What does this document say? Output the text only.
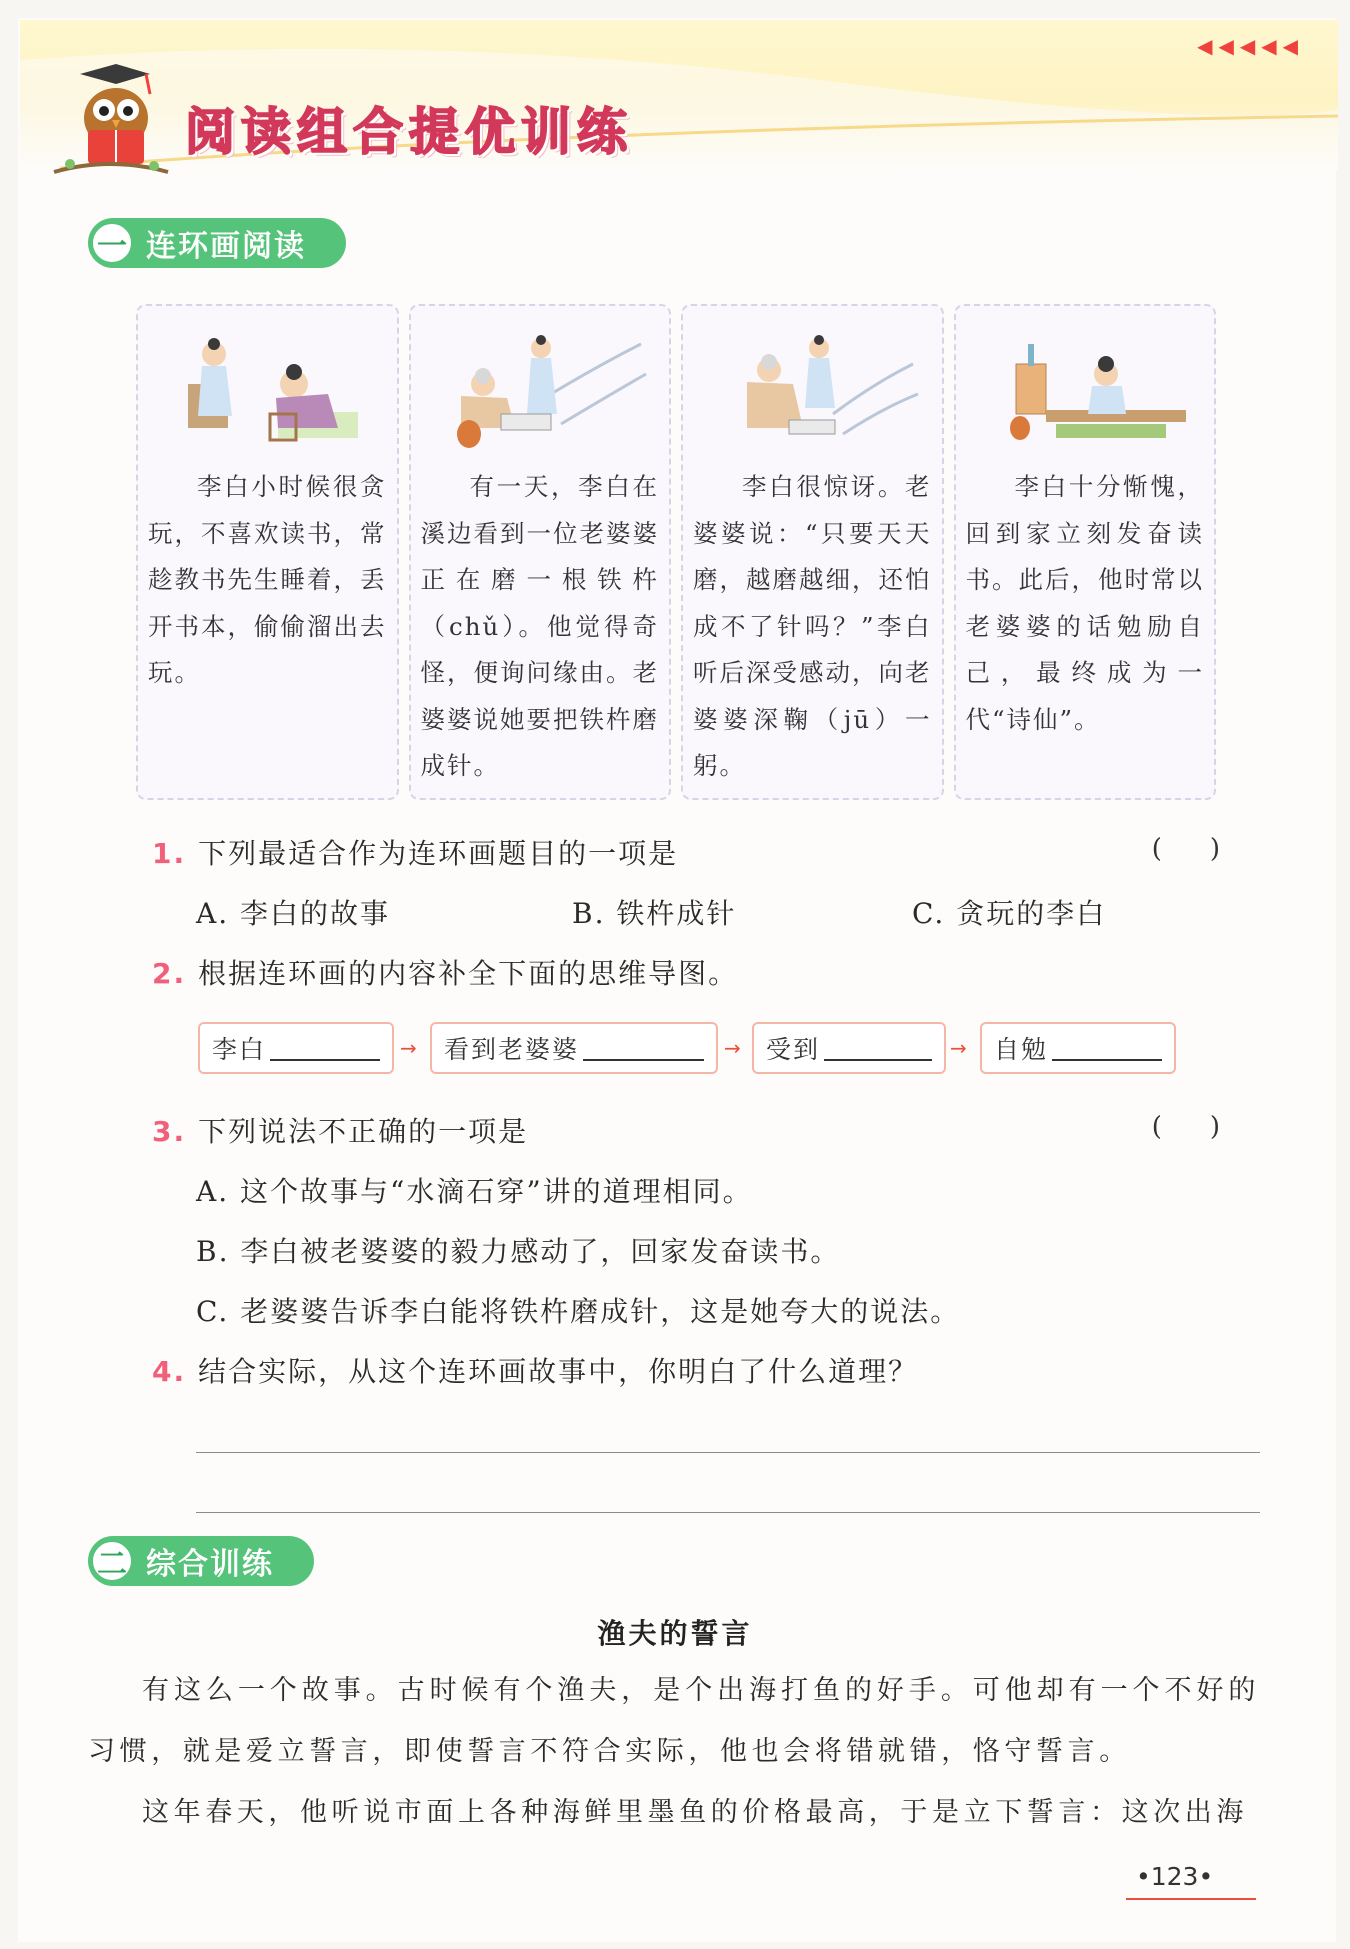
◀◀◀◀◀
阅读组合提优训练
一 连环画阅读
李白小时候很贪玩，不喜欢读书，常趁教书先生睡着，丢开书本，偷偷溜出去玩。
有一天，李白在溪边看到一位老婆婆正在磨一根铁杵（chǔ）。他觉得奇怪，便询问缘由。老婆婆说她要把铁杵磨成针。
李白很惊讶。老婆婆说：“只要天天磨，越磨越细，还怕成不了针吗？”李白听后深受感动，向老婆婆深鞠（jū）一躬。
李白十分惭愧，回到家立刻发奋读书。此后，他时常以老婆婆的话勉励自己，最终成为一代“诗仙”。
1. 下列最适合作为连环画题目的一项是	()
A. 李白的故事	B. 铁杵成针	C. 贪玩的李白
2. 根据连环画的内容补全下面的思维导图。
李白	→ 看到老婆婆	→ 受到	→ 自勉
3. 下列说法不正确的一项是	()
A. 这个故事与“水滴石穿”讲的道理相同。
B. 李白被老婆婆的毅力感动了，回家发奋读书。
C. 老婆婆告诉李白能将铁杵磨成针，这是她夸大的说法。
4. 结合实际，从这个连环画故事中，你明白了什么道理？
二 综合训练
渔夫的誓言
有这么一个故事。古时候有个渔夫，是个出海打鱼的好手。可他却有一个不好的习惯，就是爱立誓言，即使誓言不符合实际，他也会将错就错，恪守誓言。
这年春天，他听说市面上各种海鲜里墨鱼的价格最高，于是立下誓言：这次出海
•123•
